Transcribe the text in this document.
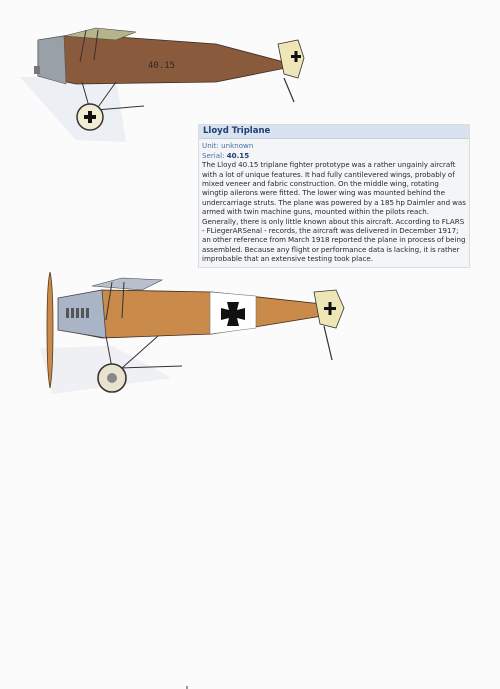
40.15
Lloyd Triplane
Unit: unknown
Serial: 40.15
The Lloyd 40.15 triplane fighter prototype was a rather ungainly aircraft with a lot of unique features. It had fully cantilevered wings, probably of mixed veneer and fabric construction. On the middle wing, rotating wingtip ailerons were fitted. The lower wing was mounted behind the undercarriage struts. The plane was powered by a 185 hp Daimler and was armed with twin machine guns, mounted within the pilots reach. Generally, there is only little known about this aircraft. According to FLARS - FLiegerARSenal - records, the aircraft was delivered in December 1917; an other reference from March 1918 reported the plane in process of being assembled. Because any flight or performance data is lacking, it is rather improbable that an extensive testing took place.
